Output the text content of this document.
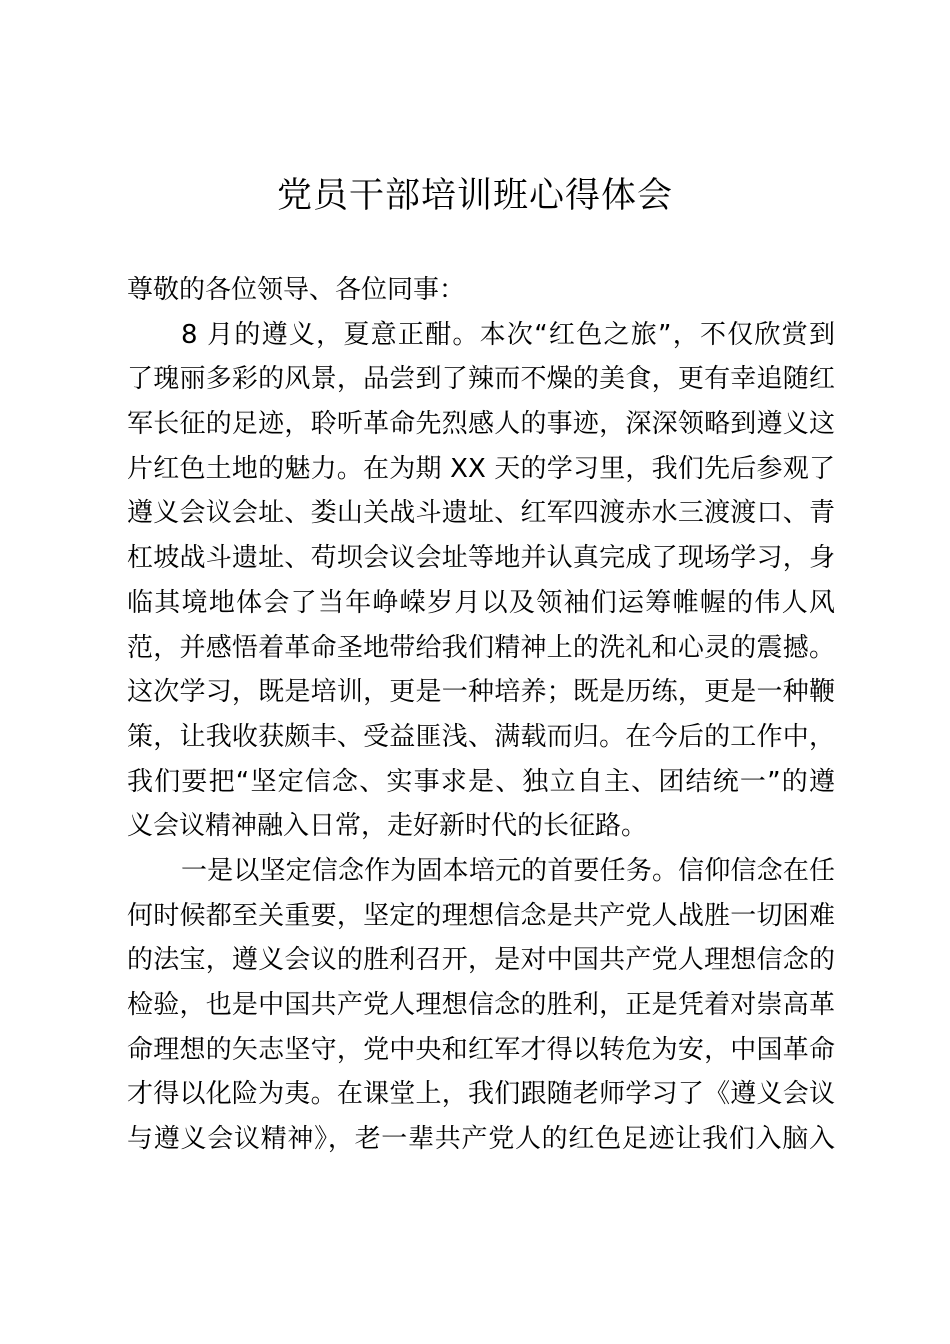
党员干部培训班心得体会
尊敬的各位领导、各位同事：
8 月的遵义，夏意正酣。本次“红色之旅”，不仅欣赏到
了瑰丽多彩的风景，品尝到了辣而不燥的美食，更有幸追随红
军长征的足迹，聆听革命先烈感人的事迹，深深领略到遵义这
片红色土地的魅力。在为期 XX 天的学习里，我们先后参观了
遵义会议会址、娄山关战斗遗址、红军四渡赤水三渡渡口、青
杠坡战斗遗址、苟坝会议会址等地并认真完成了现场学习，身
临其境地体会了当年峥嵘岁月以及领袖们运筹帷幄的伟人风
范，并感悟着革命圣地带给我们精神上的洗礼和心灵的震撼。
这次学习，既是培训，更是一种培养；既是历练，更是一种鞭
策，让我收获颇丰、受益匪浅、满载而归。在今后的工作中，
我们要把“坚定信念、实事求是、独立自主、团结统一”的遵
义会议精神融入日常，走好新时代的长征路。
一是以坚定信念作为固本培元的首要任务。信仰信念在任
何时候都至关重要，坚定的理想信念是共产党人战胜一切困难
的法宝，遵义会议的胜利召开，是对中国共产党人理想信念的
检验，也是中国共产党人理想信念的胜利，正是凭着对崇高革
命理想的矢志坚守，党中央和红军才得以转危为安，中国革命
才得以化险为夷。在课堂上，我们跟随老师学习了《遵义会议
与遵义会议精神》，老一辈共产党人的红色足迹让我们入脑入
